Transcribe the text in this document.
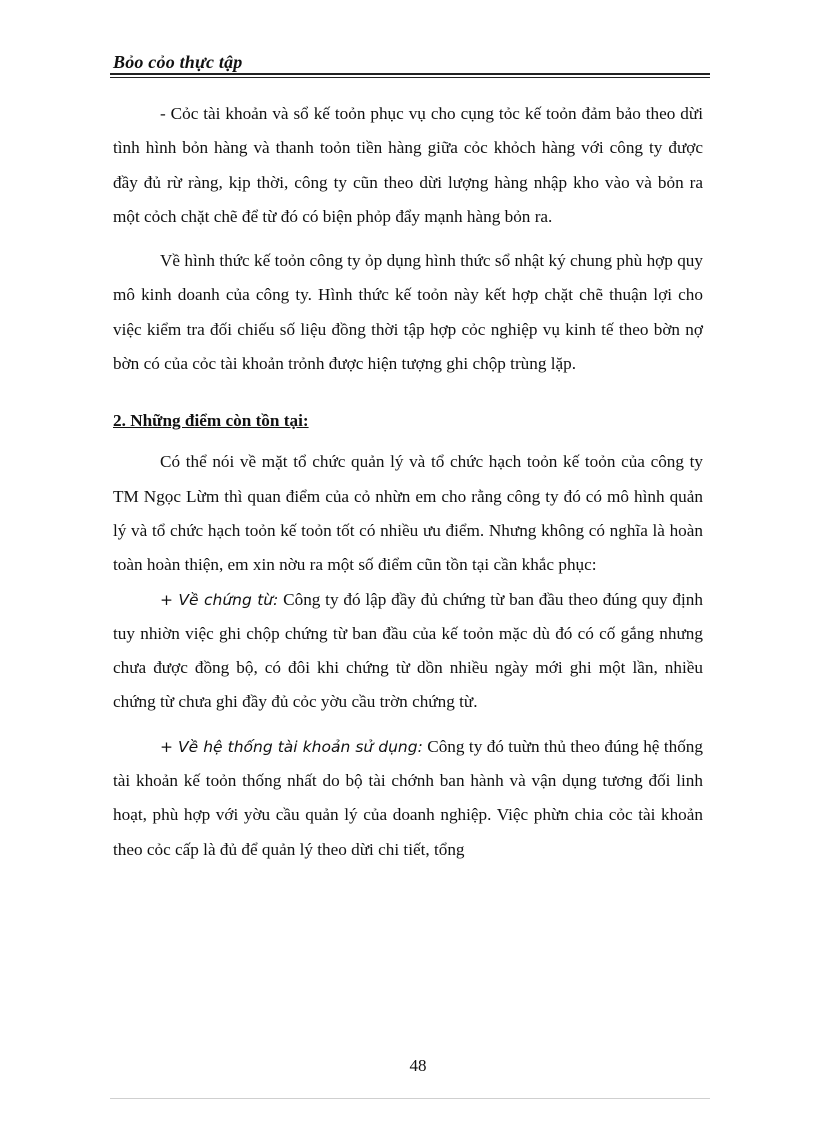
Bỏo cỏo thực tập

- Cỏc tài khoản và sổ kế toỏn phục vụ cho cụng tỏc kế toỏn đảm bảo theo dừi tình hình bỏn hàng và thanh toỏn tiền hàng giữa cỏc khỏch hàng với công ty được đầy đủ rừ ràng, kịp thời, công ty cũn theo dừi lượng hàng nhập kho vào và bỏn ra một cỏch chặt chẽ để từ đó có biện phỏp đẩy mạnh hàng bỏn ra.

Về hình thức kế toỏn công ty ỏp dụng hình thức sổ nhật ký chung phù hợp quy mô kinh doanh của công ty. Hình thức kế toỏn này kết hợp chặt chẽ thuận lợi cho việc kiểm tra đối chiếu số liệu đồng thời tập hợp cỏc nghiệp vụ kinh tế theo bờn nợ bờn có của cỏc tài khoản trỏnh được hiện tượng ghi chộp trùng lặp.

2. Những điểm còn tồn tại:

Có thể nói về mặt tổ chức quản lý và tổ chức hạch toỏn kế toỏn của công ty TM Ngọc Lừm thì quan điểm của cỏ nhừn em cho rằng công ty đó có mô hình quản lý và tổ chức hạch toỏn kế toỏn tốt có nhiều ưu điểm. Nhưng không có nghĩa là hoàn toàn hoàn thiện, em xin nờu ra một số điểm cũn tồn tại cần khắc phục:

+ Về chứng từ: Công ty đó lập đầy đủ chứng từ ban đầu theo đúng quy định tuy nhiờn việc ghi chộp chứng từ ban đầu của kế toỏn mặc dù đó có cố gắng nhưng chưa được đồng bộ, có đôi khi chứng từ dồn nhiều ngày mới ghi một lần, nhiều chứng từ chưa ghi đầy đủ cỏc yờu cầu trờn chứng từ.

+ Về hệ thống tài khoản sử dụng: Công ty đó tuừn thủ theo đúng hệ thống tài khoản kế toỏn thống nhất do bộ tài chớnh ban hành và vận dụng tương đối linh hoạt, phù hợp với yờu cầu quản lý của doanh nghiệp. Việc phừn chia cỏc tài khoản theo cỏc cấp là đủ để quản lý theo dừi chi tiết, tổng

48
